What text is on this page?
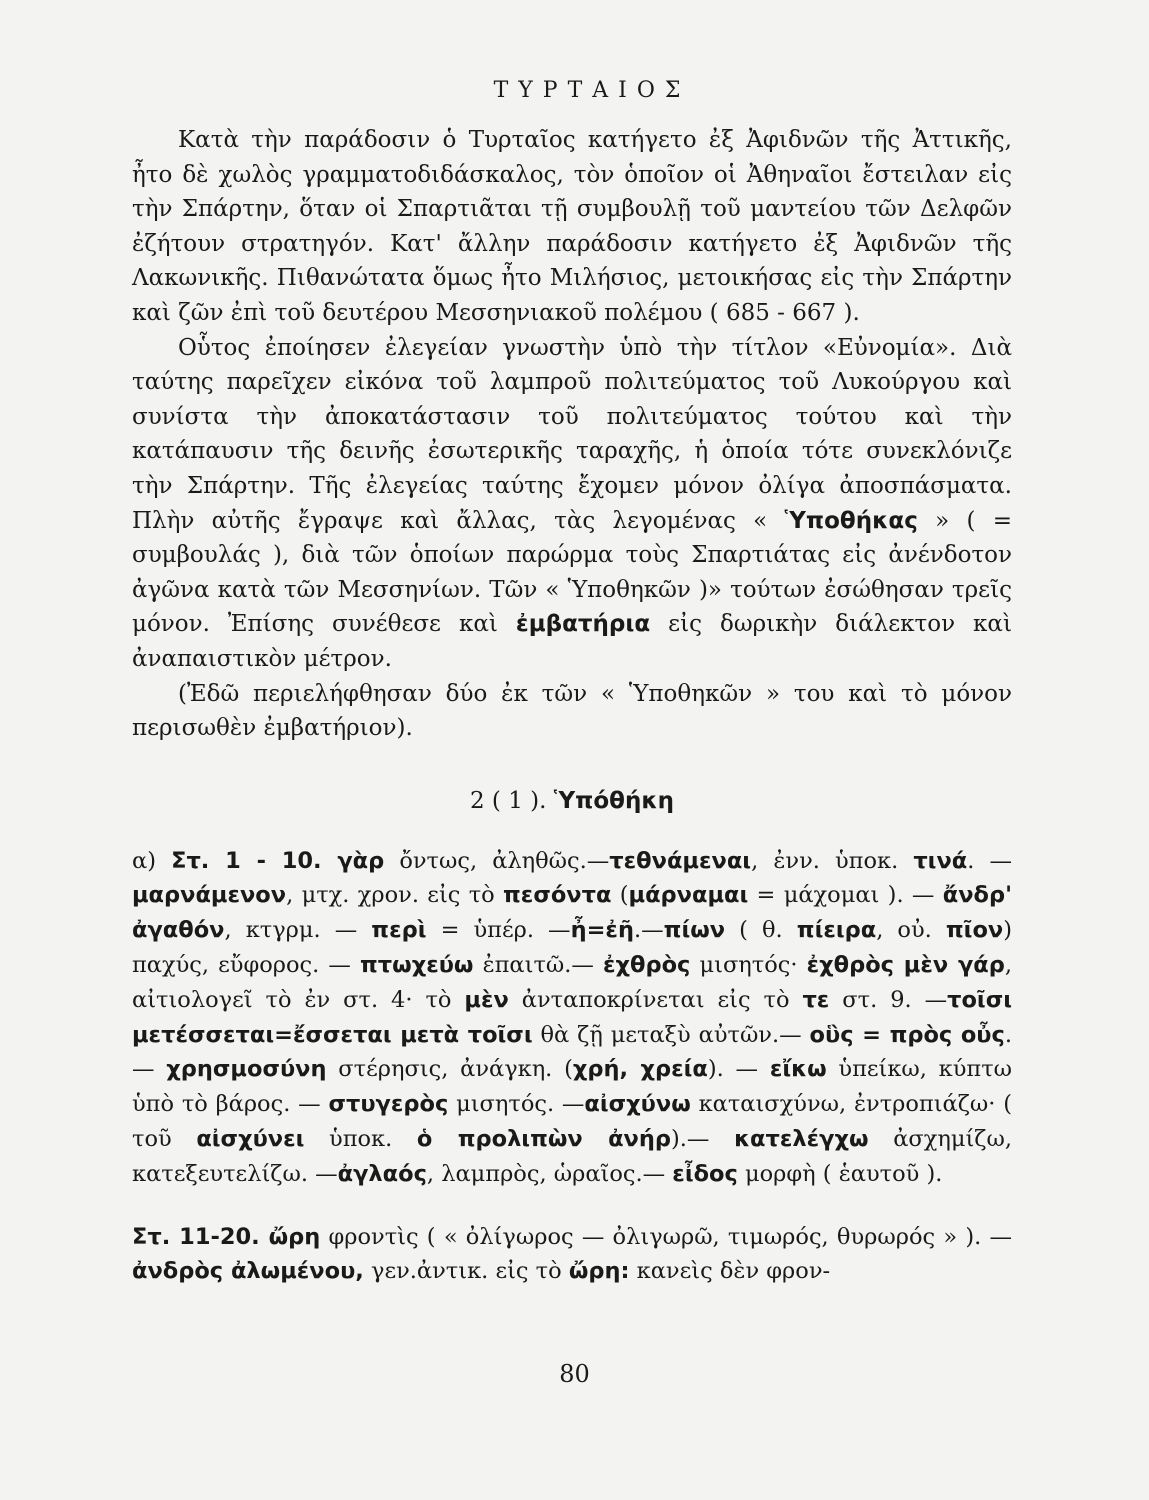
ΤΥΡΤΑΙΟΣ

Κατὰ τὴν παράδοσιν ὁ Τυρταῖος κατήγετο ἐξ Ἀφιδνῶν τῆς Ἀττικῆς, ἦτο δὲ χωλὸς γραμματοδιδάσκαλος, τὸν ὁποῖον οἱ Ἀθηναῖοι ἔστειλαν εἰς τὴν Σπάρτην, ὅταν οἱ Σπαρτιᾶται τῇ συμβουλῇ τοῦ μαντείου τῶν Δελφῶν ἐζήτουν στρατηγόν. Κατ' ἄλλην παράδοσιν κατήγετο ἐξ Ἀφιδνῶν τῆς Λακωνικῆς. Πιθανώτατα ὅμως ἦτο Μιλήσιος, μετοικήσας εἰς τὴν Σπάρτην καὶ ζῶν ἐπὶ τοῦ δευτέρου Μεσσηνιακοῦ πολέμου ( 685 - 667 ).

Οὗτος ἐποίησεν ἐλεγείαν γνωστὴν ὑπὸ τὴν τίτλον «Εὐνομία». Διὰ ταύτης παρεῖχεν εἰκόνα τοῦ λαμπροῦ πολιτεύματος τοῦ Λυκούργου καὶ συνίστα τὴν ἀποκατάστασιν τοῦ πολιτεύματος τούτου καὶ τὴν κατάπαυσιν τῆς δεινῆς ἐσωτερικῆς ταραχῆς, ἡ ὁποία τότε συνεκλόνιζε τὴν Σπάρτην. Τῆς ἐλεγείας ταύτης ἔχομεν μόνον ὀλίγα ἀποσπάσματα. Πλὴν αὐτῆς ἔγραψε καὶ ἄλλας, τὰς λεγομένας « Ὑποθήκας » ( = συμβουλάς ), διὰ τῶν ὁποίων παρώρμα τοὺς Σπαρτιάτας εἰς ἀνένδοτον ἀγῶνα κατὰ τῶν Μεσσηνίων. Τῶν « Ὑποθηκῶν )» τούτων ἐσώθησαν τρεῖς μόνον. Ἐπίσης συνέθεσε καὶ ἐμβατήρια εἰς δωρικὴν διάλεκτον καὶ ἀναπαιστικὸν μέτρον.

(Ἐδῶ περιελήφθησαν δύο ἐκ τῶν « Ὑποθηκῶν » του καὶ τὸ μόνον περισωθὲν ἐμβατήριον).

2 ( 1 ). Ὑπόθήκη

α) Στ. 1 - 10. γὰρ ὄντως, ἀληθῶς.—τεθνάμεναι, ἐνν. ὑποκ. τινά. — μαρνάμενον, μτχ. χρον. εἰς τὸ πεσόντα (μάρναμαι = μάχομαι ). — ἄνδρ' ἀγαθόν, κτγρμ. — περὶ = ὑπέρ. —ἦ=ἐῆ.—πίων ( θ. πίειρα, οὐ. πῖον) παχύς, εὔφορος. — πτωχεύω ἐπαιτῶ.— ἐχθρὸς μισητός· ἐχθρὸς μὲν γάρ, αἰτιολογεῖ τὸ ἐν στ. 4· τὸ μὲν ἀνταποκρίνεται εἰς τὸ τε στ. 9. —τοῖσι μετέσσεται=ἔσσεται μετὰ τοῖσι θὰ ζῇ μεταξὺ αὐτῶν.— οὓς = πρὸς οὖς. — χρησμοσύνη στέρησις, ἀνάγκη. (χρή, χρεία). — εἴκω ὑπείκω, κύπτω ὑπὸ τὸ βάρος. — στυγερὸς μισητός. —αἰσχύνω καταισχύνω, ἐντροπιάζω· ( τοῦ αἰσχύνει ὑποκ. ὁ προλιπὼν ἀνήρ).— κατελέγχω ἀσχημίζω, κατεξευτελίζω. —ἀγλαός, λαμπρὸς, ὡραῖος.— εἶδος μορφὴ ( ἑαυτοῦ ).

Στ. 11-20. ὤρη φροντὶς ( « ὀλίγωρος — ὀλιγωρῶ, τιμωρός, θυρωρός » ). —ἀνδρὸς ἀλωμένου, γεν.ἀντικ. εἰς τὸ ὤρη: κανεὶς δὲν φρον-

80
